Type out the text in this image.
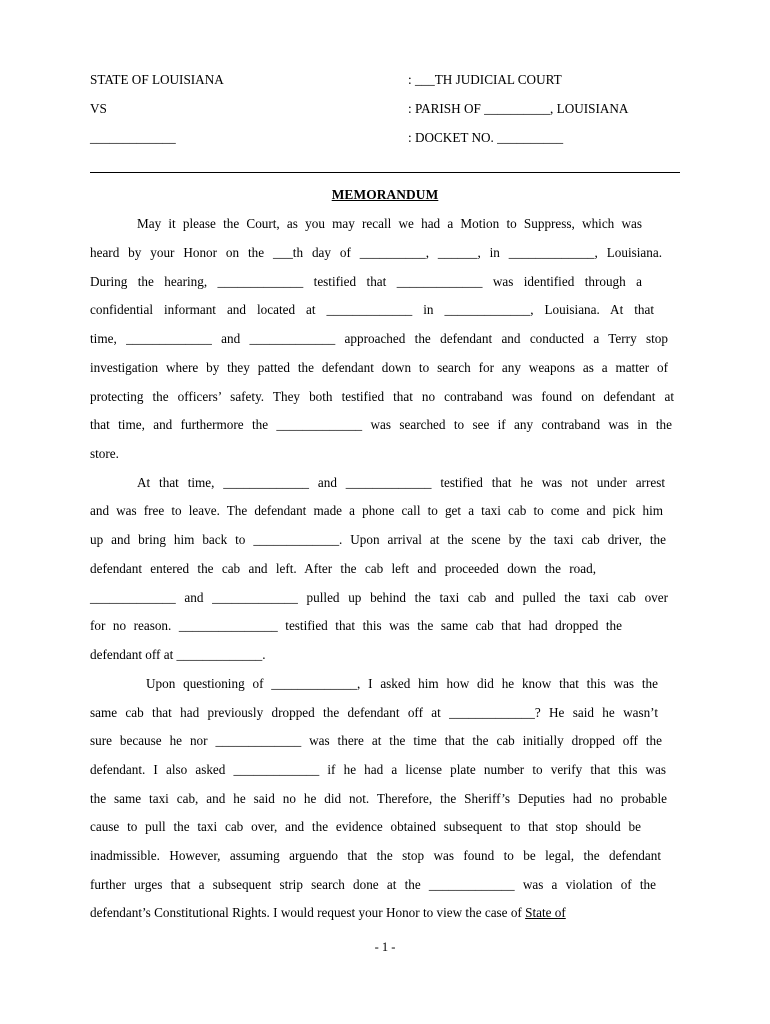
STATE OF LOUISIANA	: ___TH JUDICIAL COURT
VS	: PARISH OF __________, LOUISIANA
_____________	: DOCKET NO. __________
MEMORANDUM
May it please the Court, as you may recall we had a Motion to Suppress, which was
heard by your Honor on the ___th day of __________, ______, in _____________, Louisiana.
During the hearing, _____________ testified that _____________ was identified through a
confidential informant and located at _____________ in _____________, Louisiana. At that
time, _____________ and _____________ approached the defendant and conducted a Terry stop
investigation where by they patted the defendant down to search for any weapons as a matter of
protecting the officers’ safety. They both testified that no contraband was found on defendant at
that time, and furthermore the _____________ was searched to see if any contraband was in the
store.
At that time, _____________ and _____________ testified that he was not under arrest
and was free to leave. The defendant made a phone call to get a taxi cab to come and pick him
up and bring him back to _____________. Upon arrival at the scene by the taxi cab driver, the
defendant entered the cab and left. After the cab left and proceeded down the road,
_____________ and _____________ pulled up behind the taxi cab and pulled the taxi cab over
for no reason. _______________ testified that this was the same cab that had dropped the
defendant off at _____________.
Upon questioning of _____________, I asked him how did he know that this was the
same cab that had previously dropped the defendant off at _____________? He said he wasn’t
sure because he nor _____________ was there at the time that the cab initially dropped off the
defendant. I also asked _____________ if he had a license plate number to verify that this was
the same taxi cab, and he said no he did not. Therefore, the Sheriff’s Deputies had no probable
cause to pull the taxi cab over, and the evidence obtained subsequent to that stop should be
inadmissible. However, assuming arguendo that the stop was found to be legal, the defendant
further urges that a subsequent strip search done at the _____________ was a violation of the
defendant’s Constitutional Rights. I would request your Honor to view the case of State of
- 1 -
